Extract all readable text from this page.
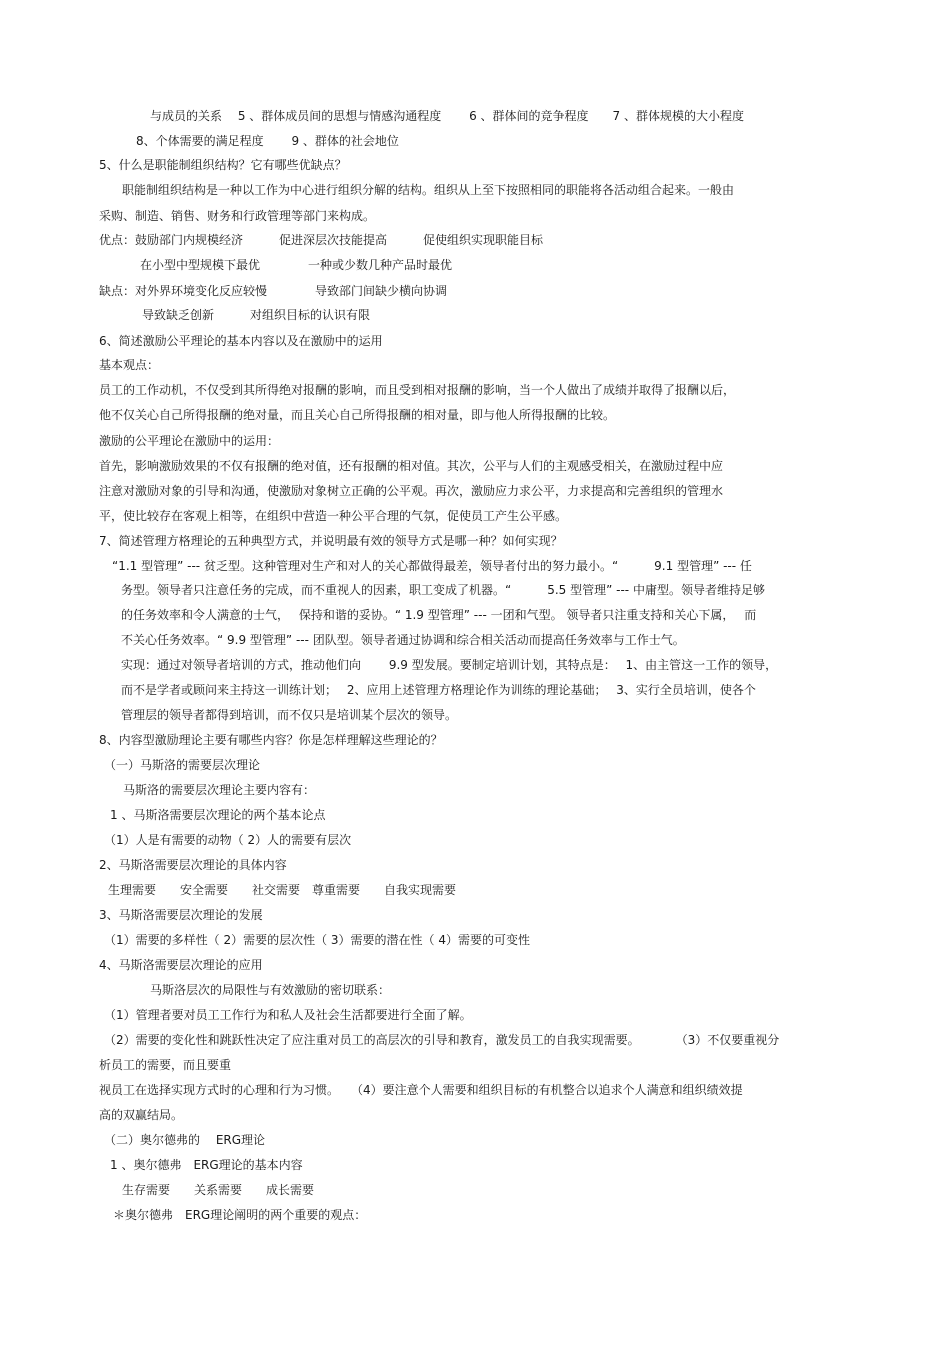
与成员的关系　 5 、群体成员间的思想与情感沟通程度　　 6 、群体间的竞争程度　　7 、群体规模的大小程度

8、个体需要的满足程度　　 9 、群体的社会地位

5、什么是职能制组织结构？它有哪些优缺点？

职能制组织结构是一种以工作为中心进行组织分解的结构。组织从上至下按照相同的职能将各活动组合起来。一般由

采购、制造、销售、财务和行政管理等部门来构成。

优点：鼓励部门内规模经济　　　促进深层次技能提高　　　促使组织实现职能目标

在小型中型规模下最优　　　　一种或少数几种产品时最优

缺点：对外界环境变化反应较慢　　　　导致部门间缺少横向协调

导致缺乏创新　　　对组织目标的认识有限

6、简述激励公平理论的基本内容以及在激励中的运用

基本观点：

员工的工作动机，不仅受到其所得绝对报酬的影响，而且受到相对报酬的影响，当一个人做出了成绩并取得了报酬以后，

他不仅关心自己所得报酬的绝对量，而且关心自己所得报酬的相对量，即与他人所得报酬的比较。

激励的公平理论在激励中的运用：

首先，影响激励效果的不仅有报酬的绝对值，还有报酬的相对值。其次，公平与人们的主观感受相关，在激励过程中应

注意对激励对象的引导和沟通，使激励对象树立正确的公平观。再次，激励应力求公平，力求提高和完善组织的管理水

平，使比较存在客观上相等，在组织中营造一种公平合理的气氛，促使员工产生公平感。

7、简述管理方格理论的五种典型方式，并说明最有效的领导方式是哪一种？如何实现？

“1.1 型管理” --- 贫乏型。这种管理对生产和对人的关心都做得最差，领导者付出的努力最小。“　　　9.1 型管理” --- 任

务型。领导者只注意任务的完成，而不重视人的因素，职工变成了机器。“　　　5.5 型管理” --- 中庸型。领导者维持足够

的任务效率和令人满意的士气，　 保持和谐的妥协。“ 1.9 型管理” --- 一团和气型。 领导者只注重支持和关心下属，　 而

不关心任务效率。“ 9.9 型管理” --- 团队型。领导者通过协调和综合相关活动而提高任务效率与工作士气。

实现：通过对领导者培训的方式，推动他们向　　 9.9 型发展。要制定培训计划，其特点是：　 1、由主管这一工作的领导，

而不是学者或顾问来主持这一训练计划；　 2、应用上述管理方格理论作为训练的理论基础；　 3、实行全员培训，使各个

管理层的领导者都得到培训，而不仅只是培训某个层次的领导。

8、内容型激励理论主要有哪些内容？你是怎样理解这些理论的？

（一）马斯洛的需要层次理论

马斯洛的需要层次理论主要内容有：

1 、马斯洛需要层次理论的两个基本论点

（1）人是有需要的动物（ 2）人的需要有层次

2、马斯洛需要层次理论的具体内容

生理需要　　安全需要　　社交需要　尊重需要　　自我实现需要

3、马斯洛需要层次理论的发展

（1）需要的多样性（ 2）需要的层次性（ 3）需要的潜在性（ 4）需要的可变性

4、马斯洛需要层次理论的应用

马斯洛层次的局限性与有效激励的密切联系：

（1）管理者要对员工工作行为和私人及社会生活都要进行全面了解。

（2）需要的变化性和跳跃性决定了应注重对员工的高层次的引导和教育，激发员工的自我实现需要。　　　　（3）不仅要重视分

析员工的需要，而且要重

视员工在选择实现方式时的心理和行为习惯。　　（4）要注意个人需要和组织目标的有机整合以追求个人满意和组织绩效提

高的双赢结局。

（二）奥尔德弗的　 ERG理论

1 、奥尔德弗　ERG理论的基本内容

生存需要　　关系需要　　成长需要

＊奥尔德弗　ERG理论阐明的两个重要的观点：
